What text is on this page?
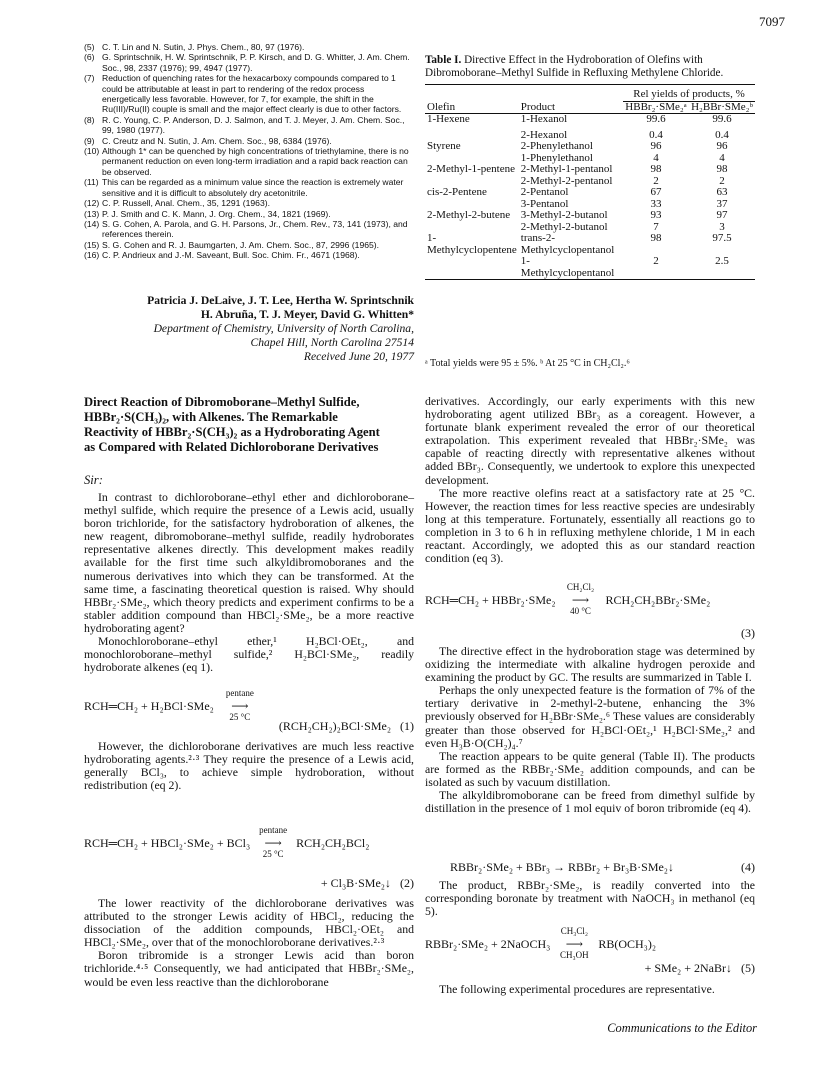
7097
(5) C. T. Lin and N. Sutin, J. Phys. Chem., 80, 97 (1976).
(6) G. Sprintschnik, H. W. Sprintschnik, P. P. Kirsch, and D. G. Whitter, J. Am. Chem. Soc., 98, 2337 (1976); 99, 4947 (1977).
(7) Reduction of quenching rates for the hexacarboxy compounds compared to 1 could be attributable at least in part to rendering of the redox process energetically less favorable. However, for 7, for example, the shift in the Ru(III)/Ru(II) couple is small and the major effect clearly is due to other factors.
(8) R. C. Young, C. P. Anderson, D. J. Salmon, and T. J. Meyer, J. Am. Chem. Soc., 99, 1980 (1977).
(9) C. Creutz and N. Sutin, J. Am. Chem. Soc., 98, 6384 (1976).
(10) Although 1* can be quenched by high concentrations of triethylamine, there is no permanent reduction on even long-term irradiation and a rapid back reaction can be observed.
(11) This can be regarded as a minimum value since the reaction is extremely water sensitive and it is difficult to absolutely dry acetonitrile.
(12) C. P. Russell, Anal. Chem., 35, 1291 (1963).
(13) P. J. Smith and C. K. Mann, J. Org. Chem., 34, 1821 (1969).
(14) S. G. Cohen, A. Parola, and G. H. Parsons, Jr., Chem. Rev., 73, 141 (1973), and references therein.
(15) S. G. Cohen and R. J. Baumgarten, J. Am. Chem. Soc., 87, 2996 (1965).
(16) C. P. Andrieux and J.-M. Saveant, Bull. Soc. Chim. Fr., 4671 (1968).
Patricia J. DeLaive, J. T. Lee, Hertha W. Sprintschnik
H. Abruña, T. J. Meyer, David G. Whitten*
Department of Chemistry, University of North Carolina,
Chapel Hill, North Carolina 27514
Received June 20, 1977
Direct Reaction of Dibromoborane–Methyl Sulfide, HBBr₂·S(CH₃)₂, with Alkenes. The Remarkable Reactivity of HBBr₂·S(CH₃)₂ as a Hydroborating Agent as Compared with Related Dichloroborane Derivatives
Sir:

In contrast to dichloroborane–ethyl ether and dichloroborane–methyl sulfide, which require the presence of a Lewis acid, usually boron trichloride, for the satisfactory hydroboration of alkenes, the new reagent, dibromoborane–methyl sulfide, readily hydroborates representative alkenes directly. This development makes readily available for the first time such alkyldibromoboranes and the numerous derivatives into which they can be transformed. At the same time, a fascinating theoretical question is raised. Why should HBBr₂·SMe₂, which theory predicts and experiment confirms to be a stabler addition compound than HBCl₂·SMe₂, be a more reactive hydroborating agent?

Monochloroborane–ethyl ether,¹ H₂BCl·OEt₂, and monochloroborane–methyl sulfide,² H₂BCl·SMe₂, readily hydroborate alkenes (eq 1).

RCH═CH₂ + H₂BCl·SMe₂
pentane
⟶
25 °C
(RCH₂CH₂)₂BCl·SMe₂ (1)

However, the dichloroborane derivatives are much less reactive hydroborating agents.²·³ They require the presence of a Lewis acid, generally BCl₃, to achieve simple hydroboration, without redistribution (eq 2).

RCH═CH₂ + HBCl₂·SMe₂ + BCl₃
pentane
⟶
25 °C
RCH₂CH₂BCl₂
+ Cl₃B·SMe₂↓ (2)

The lower reactivity of the dichloroborane derivatives was attributed to the stronger Lewis acidity of HBCl₂, reducing the dissociation of the addition compounds, HBCl₂·OEt₂ and HBCl₂·SMe₂, over that of the monochloroborane derivatives.²·³

Boron tribromide is a stronger Lewis acid than boron trichloride.⁴·⁵ Consequently, we had anticipated that HBBr₂·SMe₂, would be even less reactive than the dichloroborane

Table I. Directive Effect in the Hydroboration of Olefins with Dibromoborane–Methyl Sulfide in Refluxing Methylene Chloride.
		Rel yields of products, %	
Olefin	Product	HBBr₂·SMe₂ᵃ	H₂BBr·SMe₂ᵇ
1-Hexene	1-Hexanol	99.6	99.6
	2-Hexanol	0.4	0.4
Styrene	2-Phenylethanol	96	96
	1-Phenylethanol	4	4
2-Methyl-1-pentene	2-Methyl-1-pentanol	98	98
	2-Methyl-2-pentanol	2	2
cis-2-Pentene	2-Pentanol	67	63
	3-Pentanol	33	37
2-Methyl-2-butene	3-Methyl-2-butanol	93	97
	2-Methyl-2-butanol	7	3
1-Methylcyclopentene	trans-2-Methylcyclopentanol	98	97.5
	1-Methylcyclopentanol	2	2.5
ᵃ Total yields were 95 ± 5%. ᵇ At 25 °C in CH₂Cl₂.⁶

derivatives. Accordingly, our early experiments with this new hydroborating agent utilized BBr₃ as a coreagent. However, a fortunate blank experiment revealed the error of our theoretical extrapolation. This experiment revealed that HBBr₂·SMe₂ was capable of reacting directly with representative alkenes without added BBr₃. Consequently, we undertook to explore this unexpected development.

The more reactive olefins react at a satisfactory rate at 25 °C. However, the reaction times for less reactive species are undesirably long at this temperature. Fortunately, essentially all reactions go to completion in 3 to 6 h in refluxing methylene chloride, 1 M in each reactant. Accordingly, we adopted this as our standard reaction condition (eq 3).

RCH═CH₂ + HBBr₂·SMe₂
CH₂Cl₂
⟶
40 °C
RCH₂CH₂BBr₂·SMe₂
(3)

The directive effect in the hydroboration stage was determined by oxidizing the intermediate with alkaline hydrogen peroxide and examining the product by GC. The results are summarized in Table I.

Perhaps the only unexpected feature is the formation of 7% of the tertiary derivative in 2-methyl-2-butene, enhancing the 3% previously observed for H₂BBr·SMe₂.⁶ These values are considerably greater than those observed for H₂BCl·OEt₂,¹ H₂BCl·SMe₂,² and even H₃B·O(CH₂)₄.⁷

The reaction appears to be quite general (Table II). The products are formed as the RBBr₂·SMe₂ addition compounds, and can be isolated as such by vacuum distillation.

The alkyldibromoborane can be freed from dimethyl sulfide by distillation in the presence of 1 mol equiv of boron tribromide (eq 4).

RBBr₂·SMe₂ + BBr₃ → RBBr₂ + Br₃B·SMe₂↓	(4)

The product, RBBr₂·SMe₂, is readily converted into the corresponding boronate by treatment with NaOCH₃ in methanol (eq 5).

RBBr₂·SMe₂ + 2NaOCH₃
CH₃Cl₂
⟶
CH₃OH
RB(OCH₃)₂
+ SMe₂ + 2NaBr↓ (5)

The following experimental procedures are representative.

Communications to the Editor
